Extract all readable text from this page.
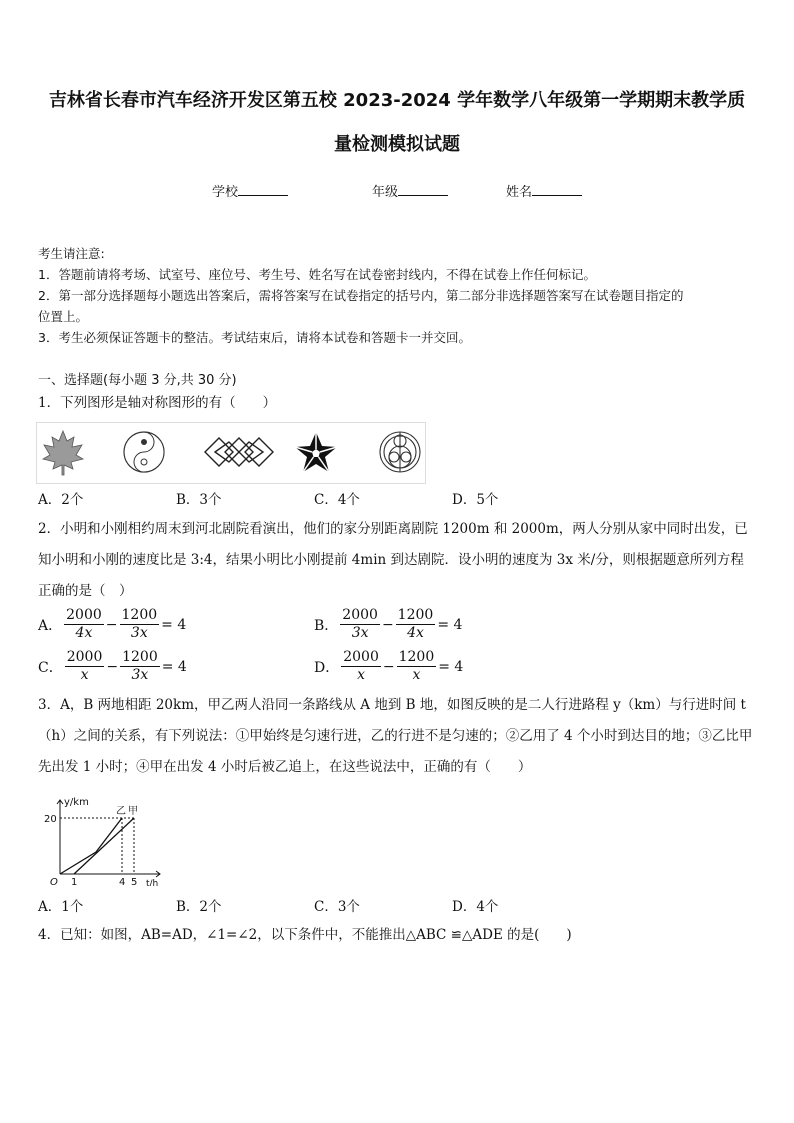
吉林省长春市汽车经济开发区第五校 2023-2024 学年数学八年级第一学期期末教学质
量检测模拟试题
学校	年级	姓名

考生请注意:

1．答题前请将考场、试室号、座位号、考生号、姓名写在试卷密封线内，不得在试卷上作任何标记。

2．第一部分选择题每小题选出答案后，需将答案写在试卷指定的括号内，第二部分非选择题答案写在试卷题目指定的

位置上。

3．考生必须保证答题卡的整洁。考试结束后，请将本试卷和答题卡一并交回。

一、选择题(每小题 3 分,共 30 分)
1．下列图形是轴对称图形的有（　　）
A．2个	B．3个	C．4个	D．5个
2．小明和小刚相约周末到河北剧院看演出，他们的家分别距离剧院 1200m 和 2000m，两人分别从家中同时出发，已
知小明和小刚的速度比是 3:4，结果小明比小刚提前 4min 到达剧院．设小明的速度为 3x 米/分，则根据题意所列方程
正确的是（　）
A． $\frac{2000}{4x} - \frac{1200}{3x} = 4$	B． $\frac{2000}{3x} - \frac{1200}{4x} = 4$
C． $\frac{2000}{x} - \frac{1200}{3x} = 4$	D． $\frac{2000}{x} - \frac{1200}{x} = 4$
3．A，B 两地相距 20km，甲乙两人沿同一条路线从 A 地到 B 地，如图反映的是二人行进路程 y（km）与行进时间 t
（h）之间的关系，有下列说法：①甲始终是匀速行进，乙的行进不是匀速的；②乙用了 4 个小时到达目的地；③乙比甲
先出发 1 小时；④甲在出发 4 小时后被乙追上，在这些说法中，正确的有（　　）
y/km
t/h
20
O 1	4 5
乙 甲
A．1个	B．2个	C．3个	D．4个
4．已知：如图，AB=AD，∠1=∠2，以下条件中，不能推出△ABC ≌△ADE 的是(　　)
